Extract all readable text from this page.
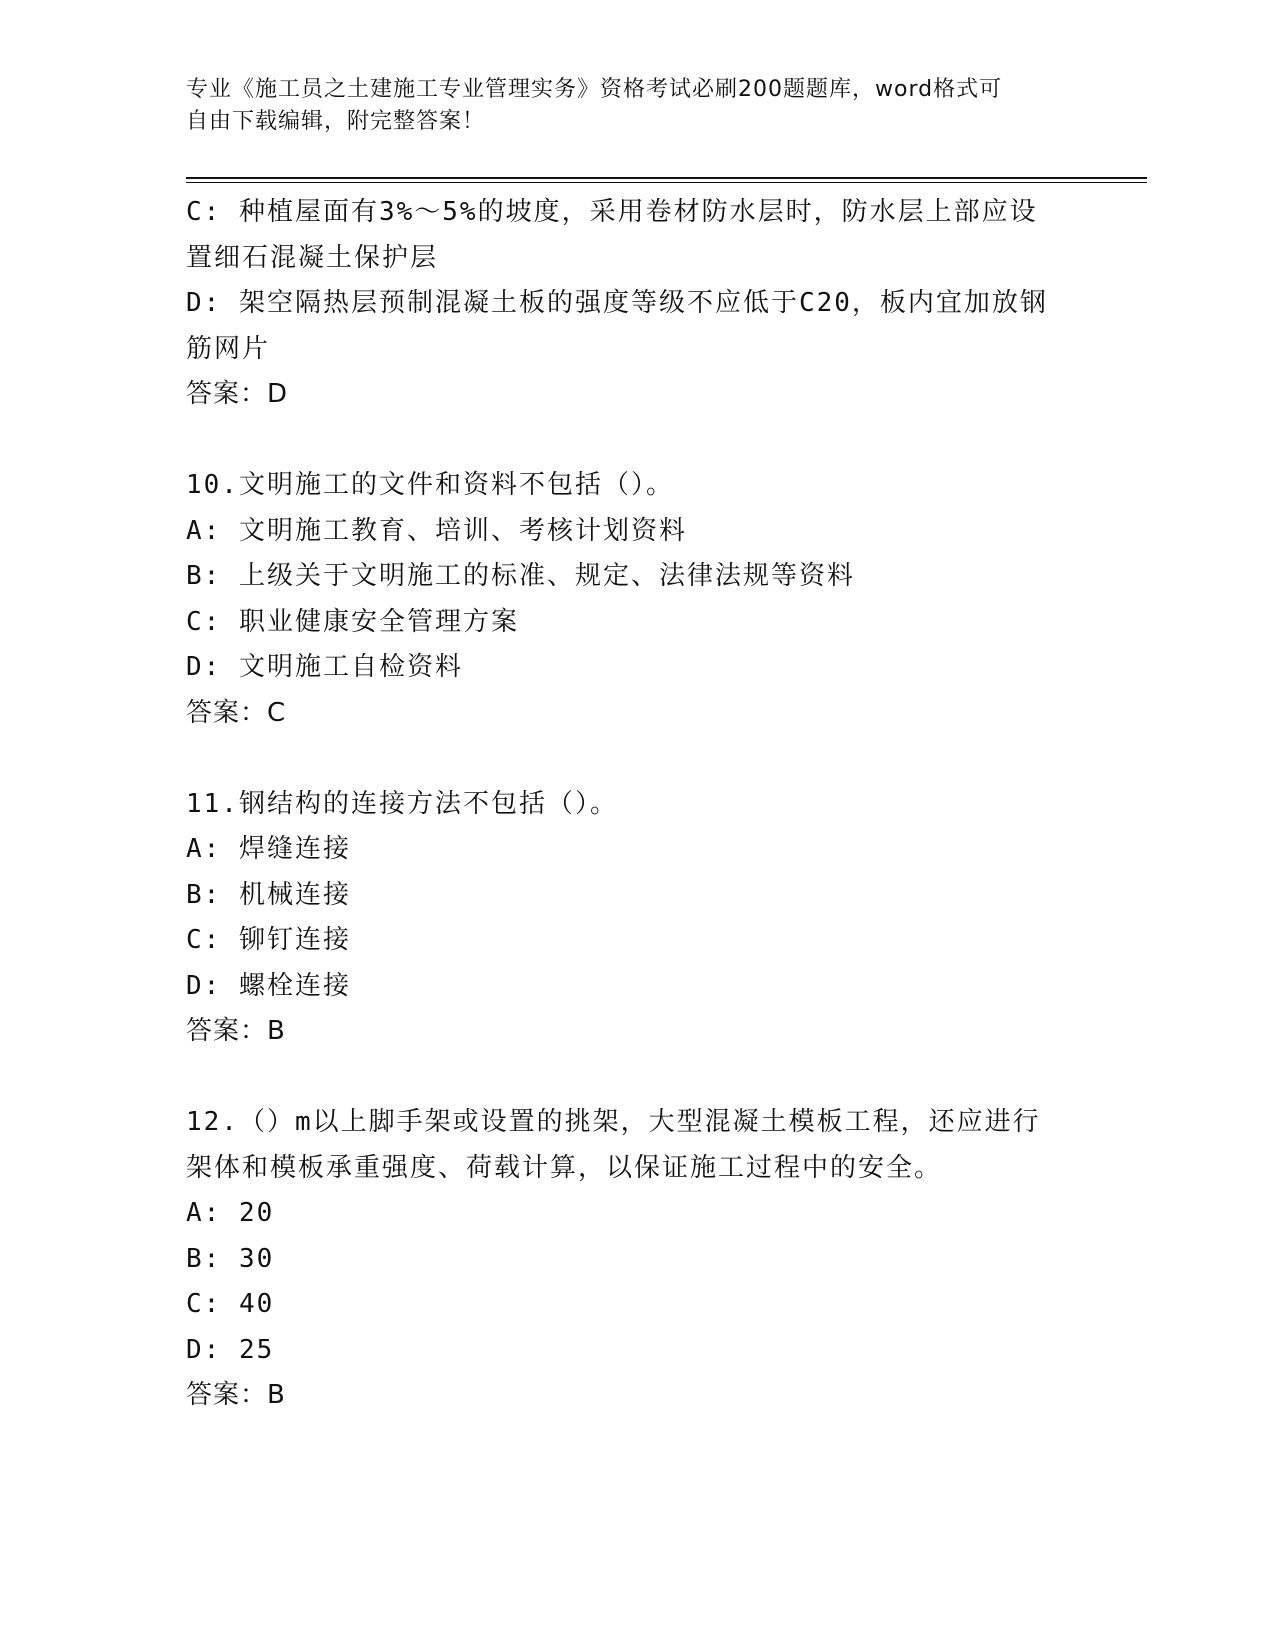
专业《施工员之土建施工专业管理实务》资格考试必刷200题题库，word格式可
自由下载编辑，附完整答案！
C: 种植屋面有3%～5%的坡度，采用卷材防水层时，防水层上部应设
置细石混凝土保护层
D: 架空隔热层预制混凝土板的强度等级不应低于C20，板内宜加放钢
筋网片
答案：D
10.文明施工的文件和资料不包括（）。
A: 文明施工教育、培训、考核计划资料
B: 上级关于文明施工的标准、规定、法律法规等资料
C: 职业健康安全管理方案
D: 文明施工自检资料
答案：C
11.钢结构的连接方法不包括（）。
A: 焊缝连接
B: 机械连接
C: 铆钉连接
D: 螺栓连接
答案：B
12.（）m以上脚手架或设置的挑架，大型混凝土模板工程，还应进行
架体和模板承重强度、荷载计算，以保证施工过程中的安全。
A: 20
B: 30
C: 40
D: 25
答案：B
